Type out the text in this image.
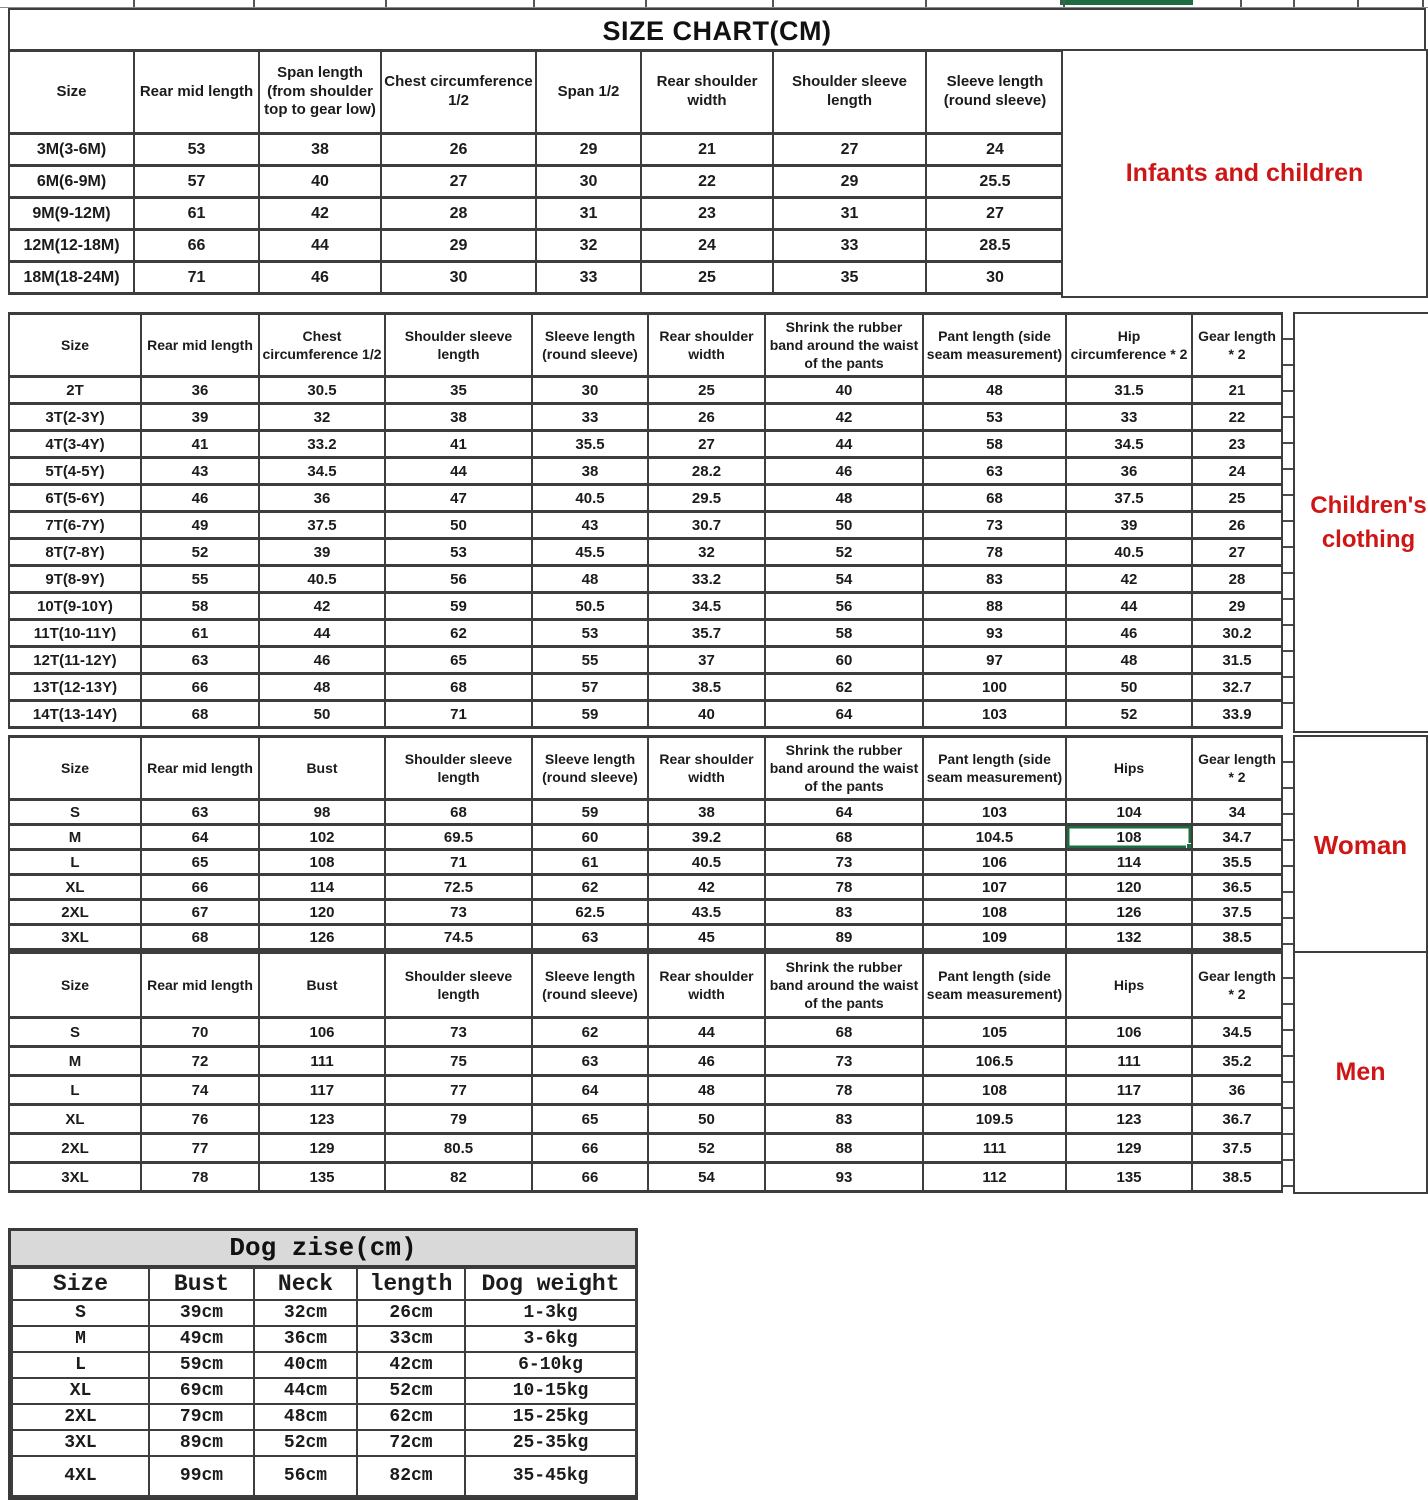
SIZE CHART(CM)
Size	Rear mid length	Span length (from shoulder top to gear low)	Chest circumference 1/2	Span 1/2	Rear shoulder width	Shoulder sleeve length	Sleeve length (round sleeve)
3M(3-6M)	53	38	26	29	21	27	24
6M(6-9M)	57	40	27	30	22	29	25.5
9M(9-12M)	61	42	28	31	23	31	27
12M(12-18M)	66	44	29	32	24	33	28.5
18M(18-24M)	71	46	30	33	25	35	30
Infants and children
Size	Rear mid length	Chest circumference 1/2	Shoulder sleeve length	Sleeve length (round sleeve)	Rear shoulder width	Shrink the rubber band around the waist of the pants	Pant length (side seam measurement)	Hip circumference * 2	Gear length * 2
2T	36	30.5	35	30	25	40	48	31.5	21
3T(2-3Y)	39	32	38	33	26	42	53	33	22
4T(3-4Y)	41	33.2	41	35.5	27	44	58	34.5	23
5T(4-5Y)	43	34.5	44	38	28.2	46	63	36	24
6T(5-6Y)	46	36	47	40.5	29.5	48	68	37.5	25
7T(6-7Y)	49	37.5	50	43	30.7	50	73	39	26
8T(7-8Y)	52	39	53	45.5	32	52	78	40.5	27
9T(8-9Y)	55	40.5	56	48	33.2	54	83	42	28
10T(9-10Y)	58	42	59	50.5	34.5	56	88	44	29
11T(10-11Y)	61	44	62	53	35.7	58	93	46	30.2
12T(11-12Y)	63	46	65	55	37	60	97	48	31.5
13T(12-13Y)	66	48	68	57	38.5	62	100	50	32.7
14T(13-14Y)	68	50	71	59	40	64	103	52	33.9
Children's clothing
Size	Rear mid length	Bust	Shoulder sleeve length	Sleeve length (round sleeve)	Rear shoulder width	Shrink the rubber band around the waist of the pants	Pant length (side seam measurement)	Hips	Gear length * 2
S	63	98	68	59	38	64	103	104	34
M	64	102	69.5	60	39.2	68	104.5	108	34.7
L	65	108	71	61	40.5	73	106	114	35.5
XL	66	114	72.5	62	42	78	107	120	36.5
2XL	67	120	73	62.5	43.5	83	108	126	37.5
3XL	68	126	74.5	63	45	89	109	132	38.5
Woman
Size	Rear mid length	Bust	Shoulder sleeve length	Sleeve length (round sleeve)	Rear shoulder width	Shrink the rubber band around the waist of the pants	Pant length (side seam measurement)	Hips	Gear length * 2
S	70	106	73	62	44	68	105	106	34.5
M	72	111	75	63	46	73	106.5	111	35.2
L	74	117	77	64	48	78	108	117	36
XL	76	123	79	65	50	83	109.5	123	36.7
2XL	77	129	80.5	66	52	88	111	129	37.5
3XL	78	135	82	66	54	93	112	135	38.5
Men
Dog zise(cm)
Size	Bust	Neck	length	Dog weight
S	39cm	32cm	26cm	1-3kg
M	49cm	36cm	33cm	3-6kg
L	59cm	40cm	42cm	6-10kg
XL	69cm	44cm	52cm	10-15kg
2XL	79cm	48cm	62cm	15-25kg
3XL	89cm	52cm	72cm	25-35kg
4XL	99cm	56cm	82cm	35-45kg
